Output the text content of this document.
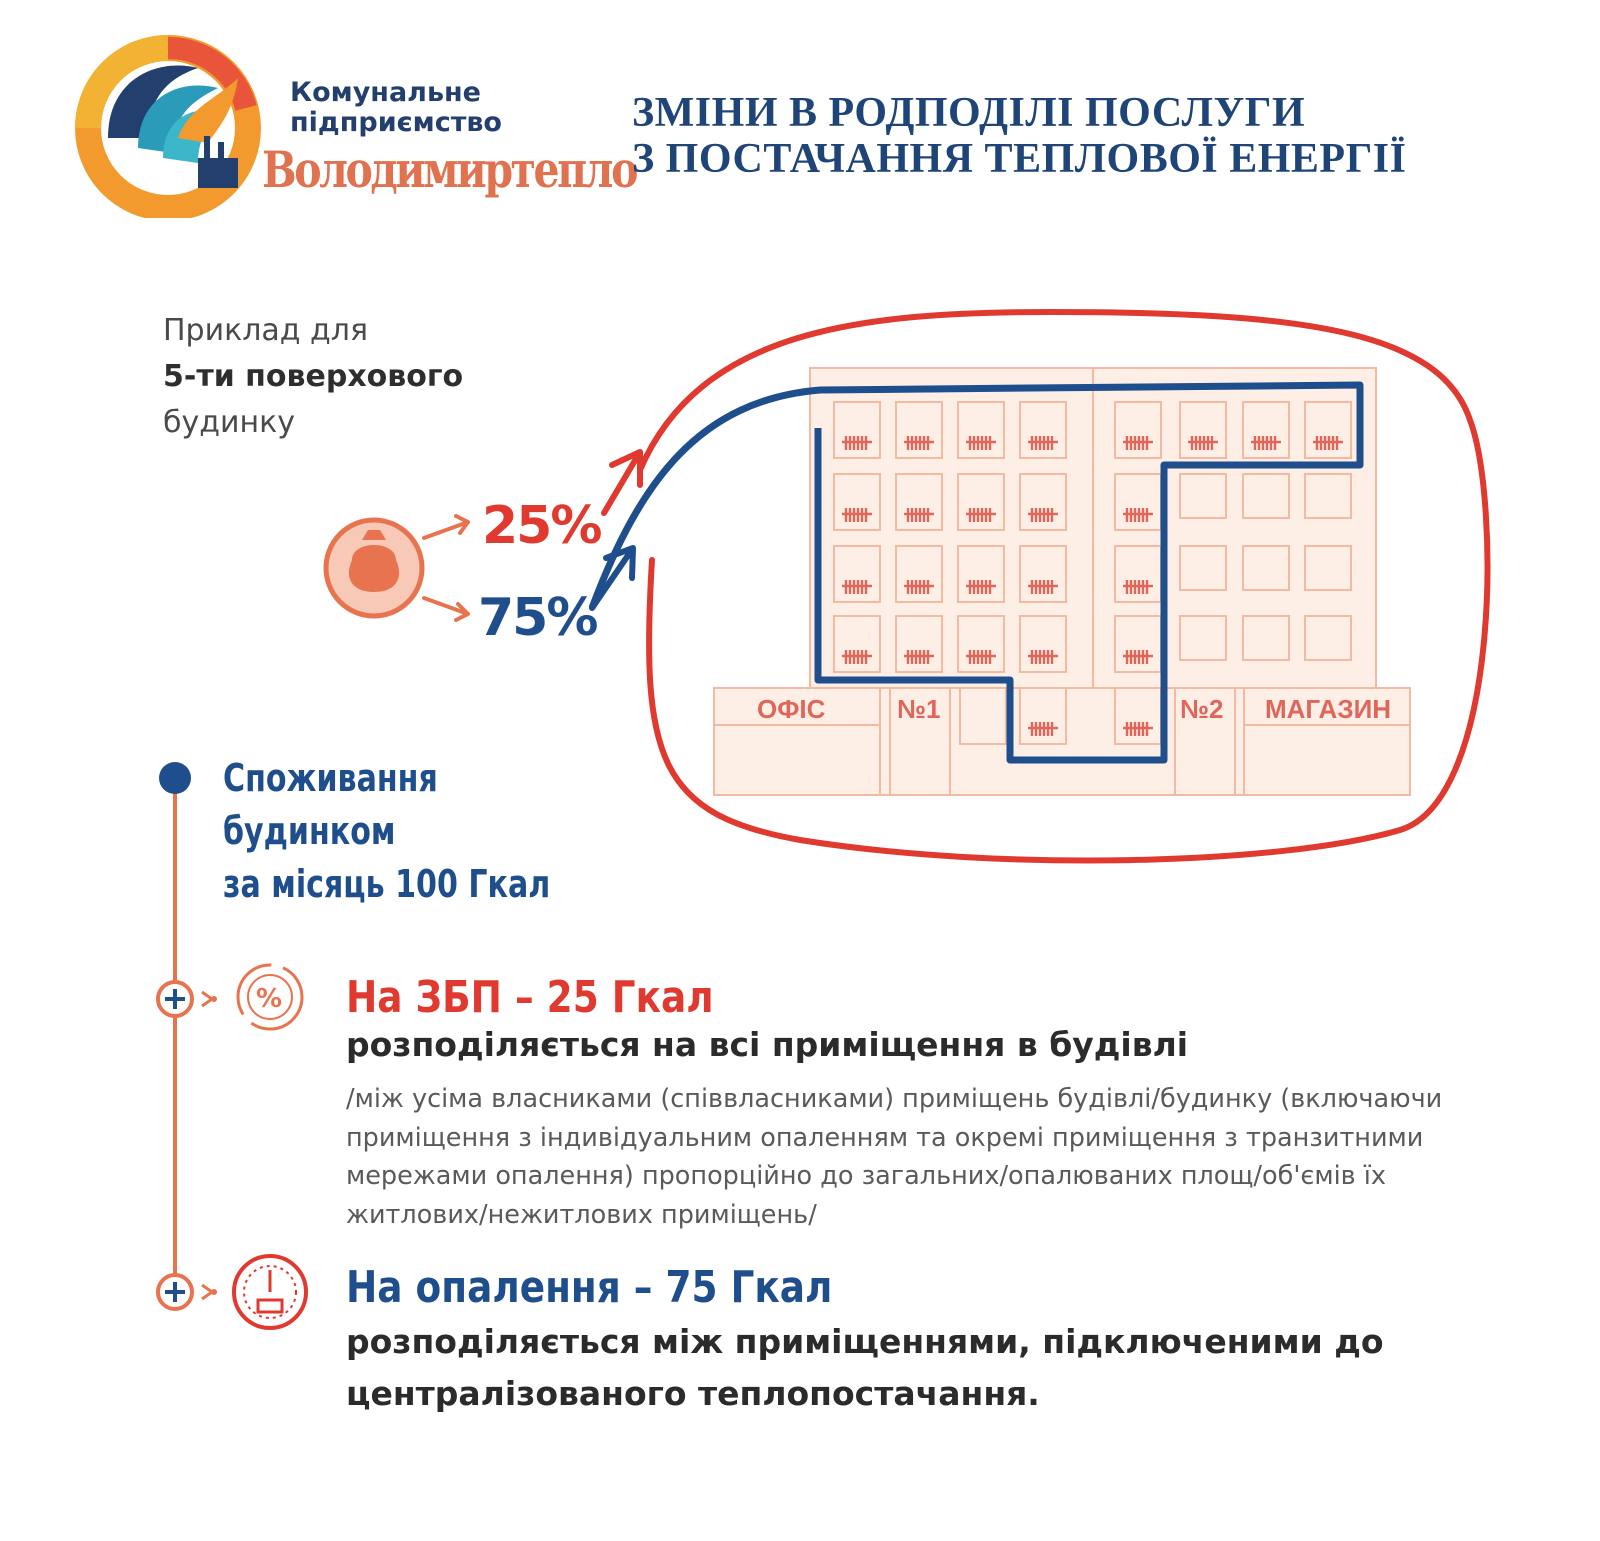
Комунальне
підприємство
Володимиртепло
ЗМІНИ В РОДПОДІЛІ ПОСЛУГИ
З ПОСТАЧАННЯ ТЕПЛОВОЇ ЕНЕРГІЇ
Приклад для
5-ти поверхового
будинку
ОФІС	№1	№2 МАГАЗИН
%
25%
75%
Споживання
будинком
за місяць 100 Гкал
На ЗБП – 25 Гкал
розподіляється на всі приміщення в будівлі
/між усіма власниками (співвласниками) приміщень будівлі/будинку (включаючи приміщення з індивідуальним опаленням та окремі приміщення з транзитними мережами опалення) пропорційно до загальних/опалюваних площ/об'ємів їх житлових/нежитлових приміщень/
На опалення – 75 Гкал
розподіляється між приміщеннями, підключеними до централізованого теплопостачання.
